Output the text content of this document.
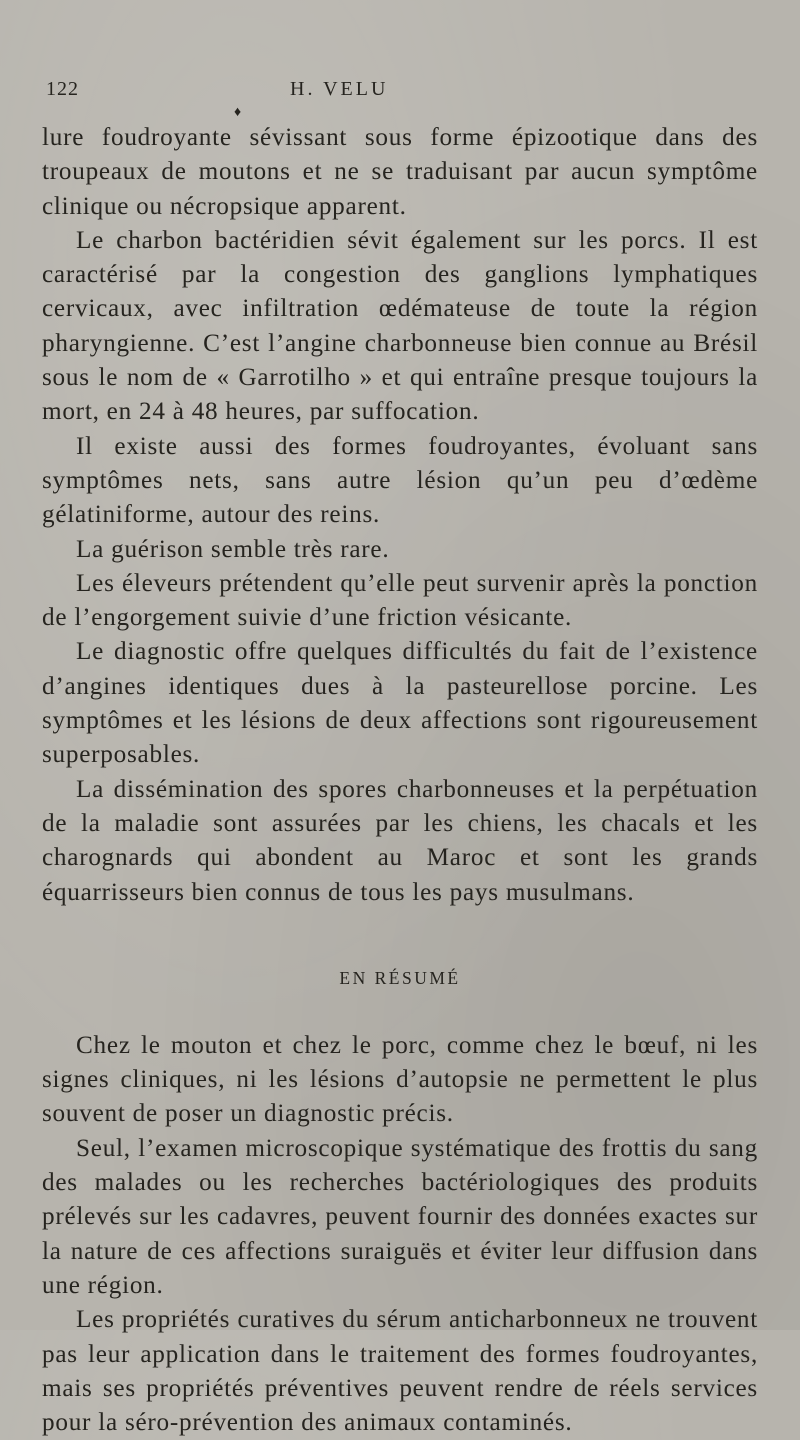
122	H. VELU
♦

lure foudroyante sévissant sous forme épizootique dans des troupeaux de moutons et ne se traduisant par aucun symptôme clinique ou nécropsique apparent.

Le charbon bactéridien sévit également sur les porcs. Il est caractérisé par la congestion des ganglions lymphatiques cervicaux, avec infiltration œdémateuse de toute la région pharyngienne. C’est l’angine charbonneuse bien connue au Brésil sous le nom de « Garrotilho » et qui entraîne presque toujours la mort, en 24 à 48 heures, par suffocation.

Il existe aussi des formes foudroyantes, évoluant sans symptômes nets, sans autre lésion qu’un peu d’œdème gélatiniforme, autour des reins.

La guérison semble très rare.

Les éleveurs prétendent qu’elle peut survenir après la ponction de l’engorgement suivie d’une friction vésicante.

Le diagnostic offre quelques difficultés du fait de l’existence d’angines identiques dues à la pasteurellose porcine. Les symptômes et les lésions de deux affections sont rigoureusement superposables.

La dissémination des spores charbonneuses et la perpétuation de la maladie sont assurées par les chiens, les chacals et les charognards qui abondent au Maroc et sont les grands équarrisseurs bien connus de tous les pays musulmans.

EN RÉSUMÉ

Chez le mouton et chez le porc, comme chez le bœuf, ni les signes cliniques, ni les lésions d’autopsie ne permettent le plus souvent de poser un diagnostic précis.

Seul, l’examen microscopique systématique des frottis du sang des malades ou les recherches bactériologiques des produits prélevés sur les cadavres, peuvent fournir des données exactes sur la nature de ces affections suraiguës et éviter leur diffusion dans une région.

Les propriétés curatives du sérum anticharbonneux ne trouvent pas leur application dans le traitement des formes foudroyantes, mais ses propriétés préventives peuvent rendre de réels services pour la séro-prévention des animaux contaminés.
